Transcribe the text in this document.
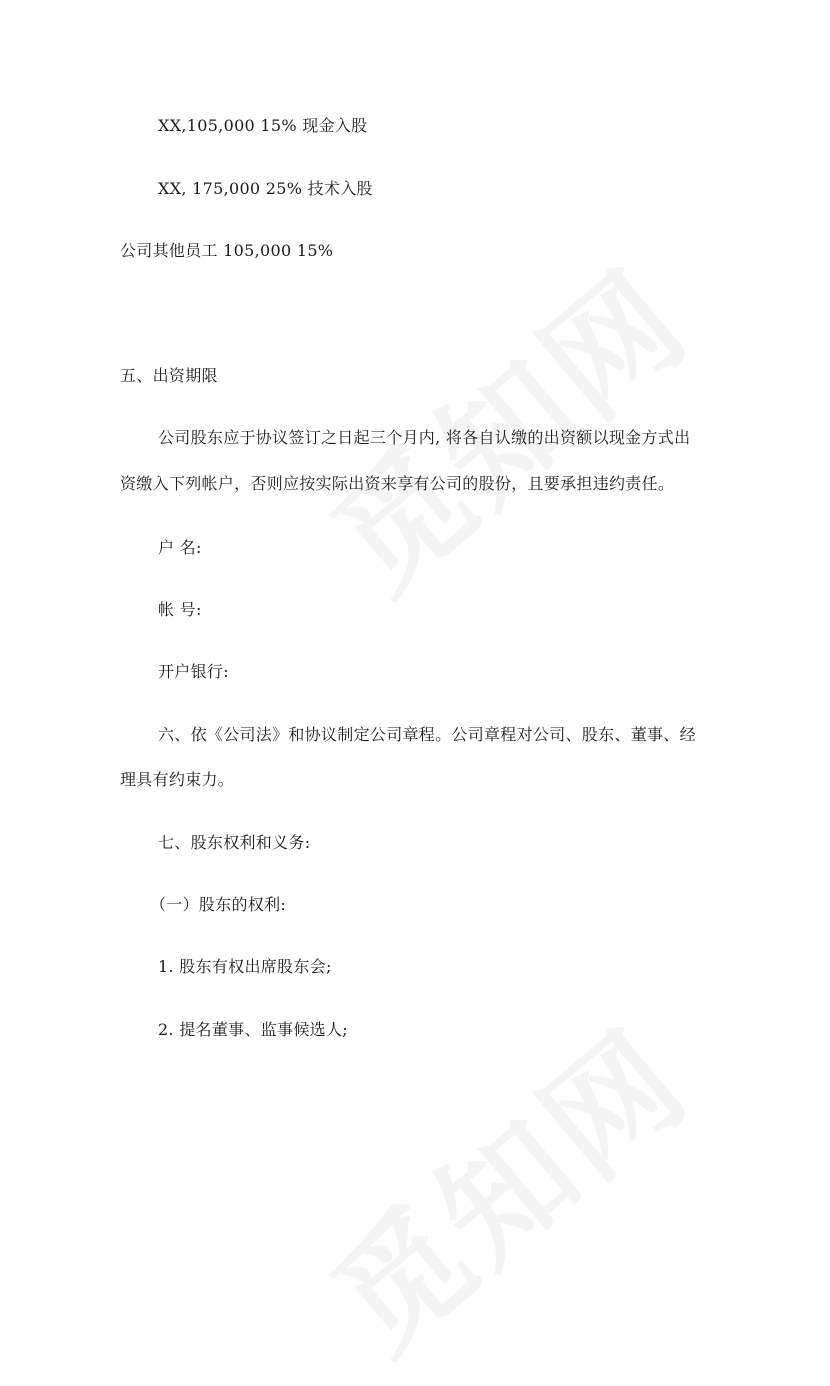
XX,105,000 15% 现金入股
XX, 175,000 25% 技术入股
公司其他员工 105,000 15%
五、出资期限
公司股东应于协议签订之日起三个月内, 将各自认缴的出资额以现金方式出
资缴入下列帐户，否则应按实际出资来享有公司的股份，且要承担违约责任。
户 名:
帐 号:
开户银行:
六、依《公司法》和协议制定公司章程。公司章程对公司、股东、董事、经
理具有约束力。
七、股东权利和义务:
（一）股东的权利:
1. 股东有权出席股东会;
2. 提名董事、监事候选人;
